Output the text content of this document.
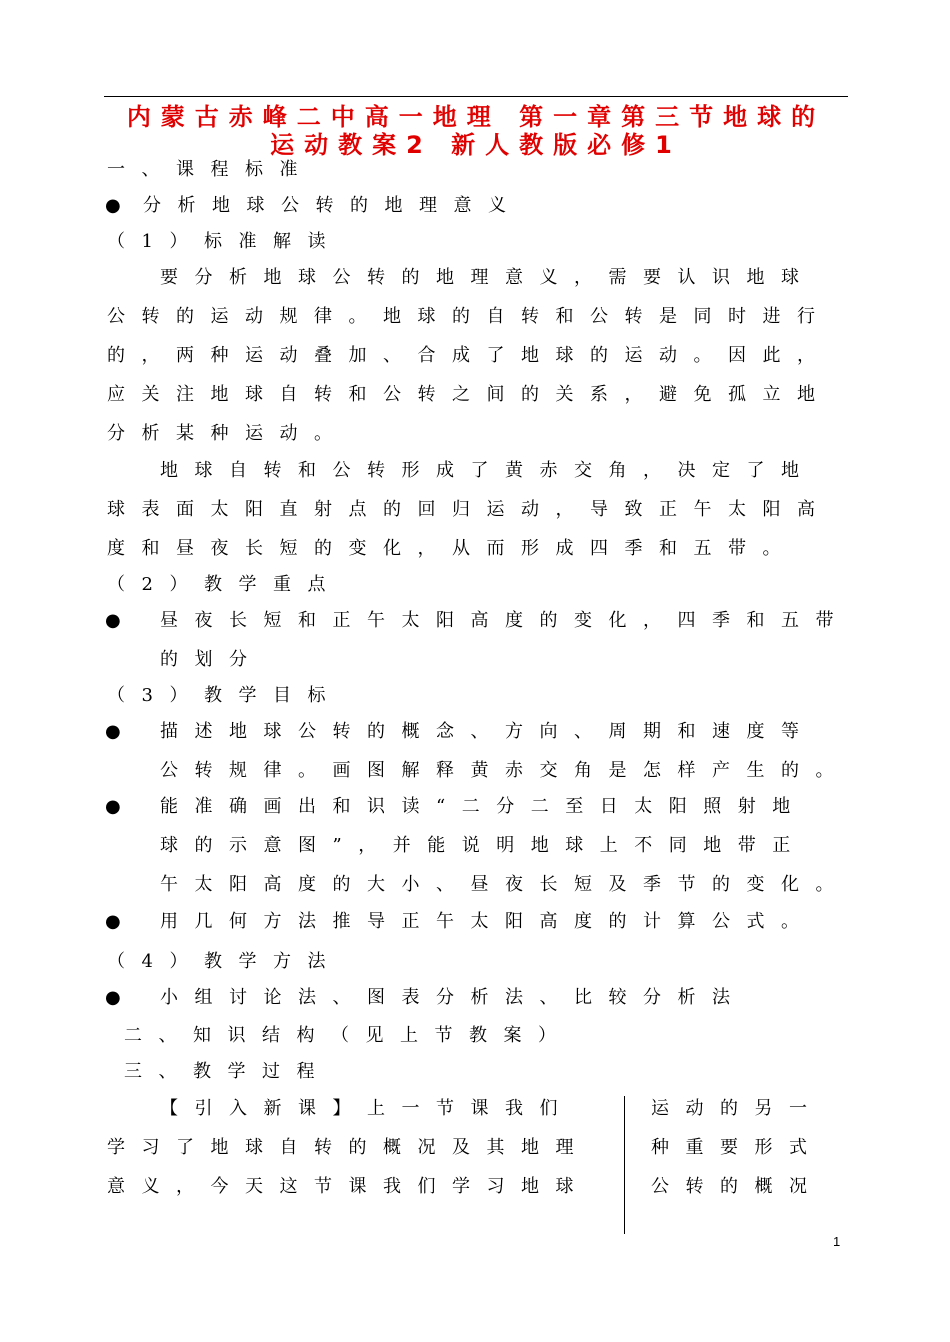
内蒙古赤峰二中高一地理 第一章第三节地球的
运动教案2 新人教版必修1
一、课程标准
● 分析地球公转的地理意义
（1）标准解读
要分析地球公转的地理意义，需要认识地球
公转的运动规律。地球的自转和公转是同时进行
的，两种运动叠加、合成了地球的运动。因此，
应关注地球自转和公转之间的关系，避免孤立地
分析某种运动。
地球自转和公转形成了黄赤交角，决定了地
球表面太阳直射点的回归运动，导致正午太阳高
度和昼夜长短的变化，从而形成四季和五带。
（2）教学重点
● 昼夜长短和正午太阳高度的变化，四季和五带
的划分
（3）教学目标
● 描述地球公转的概念、方向、周期和速度等
公转规律。画图解释黄赤交角是怎样产生的。
● 能准确画出和识读“二分二至日太阳照射地
球的示意图”，并能说明地球上不同地带正
午太阳高度的大小、昼夜长短及季节的变化。
● 用几何方法推导正午太阳高度的计算公式。
（4）教学方法
● 小组讨论法、图表分析法、比较分析法
二、知识结构（见上节教案）
三、教学过程
【引入新课】上一节课我们
学习了地球自转的概况及其地理
意义，今天这节课我们学习地球
运动的另一
种重要形式
公转的概况
1
